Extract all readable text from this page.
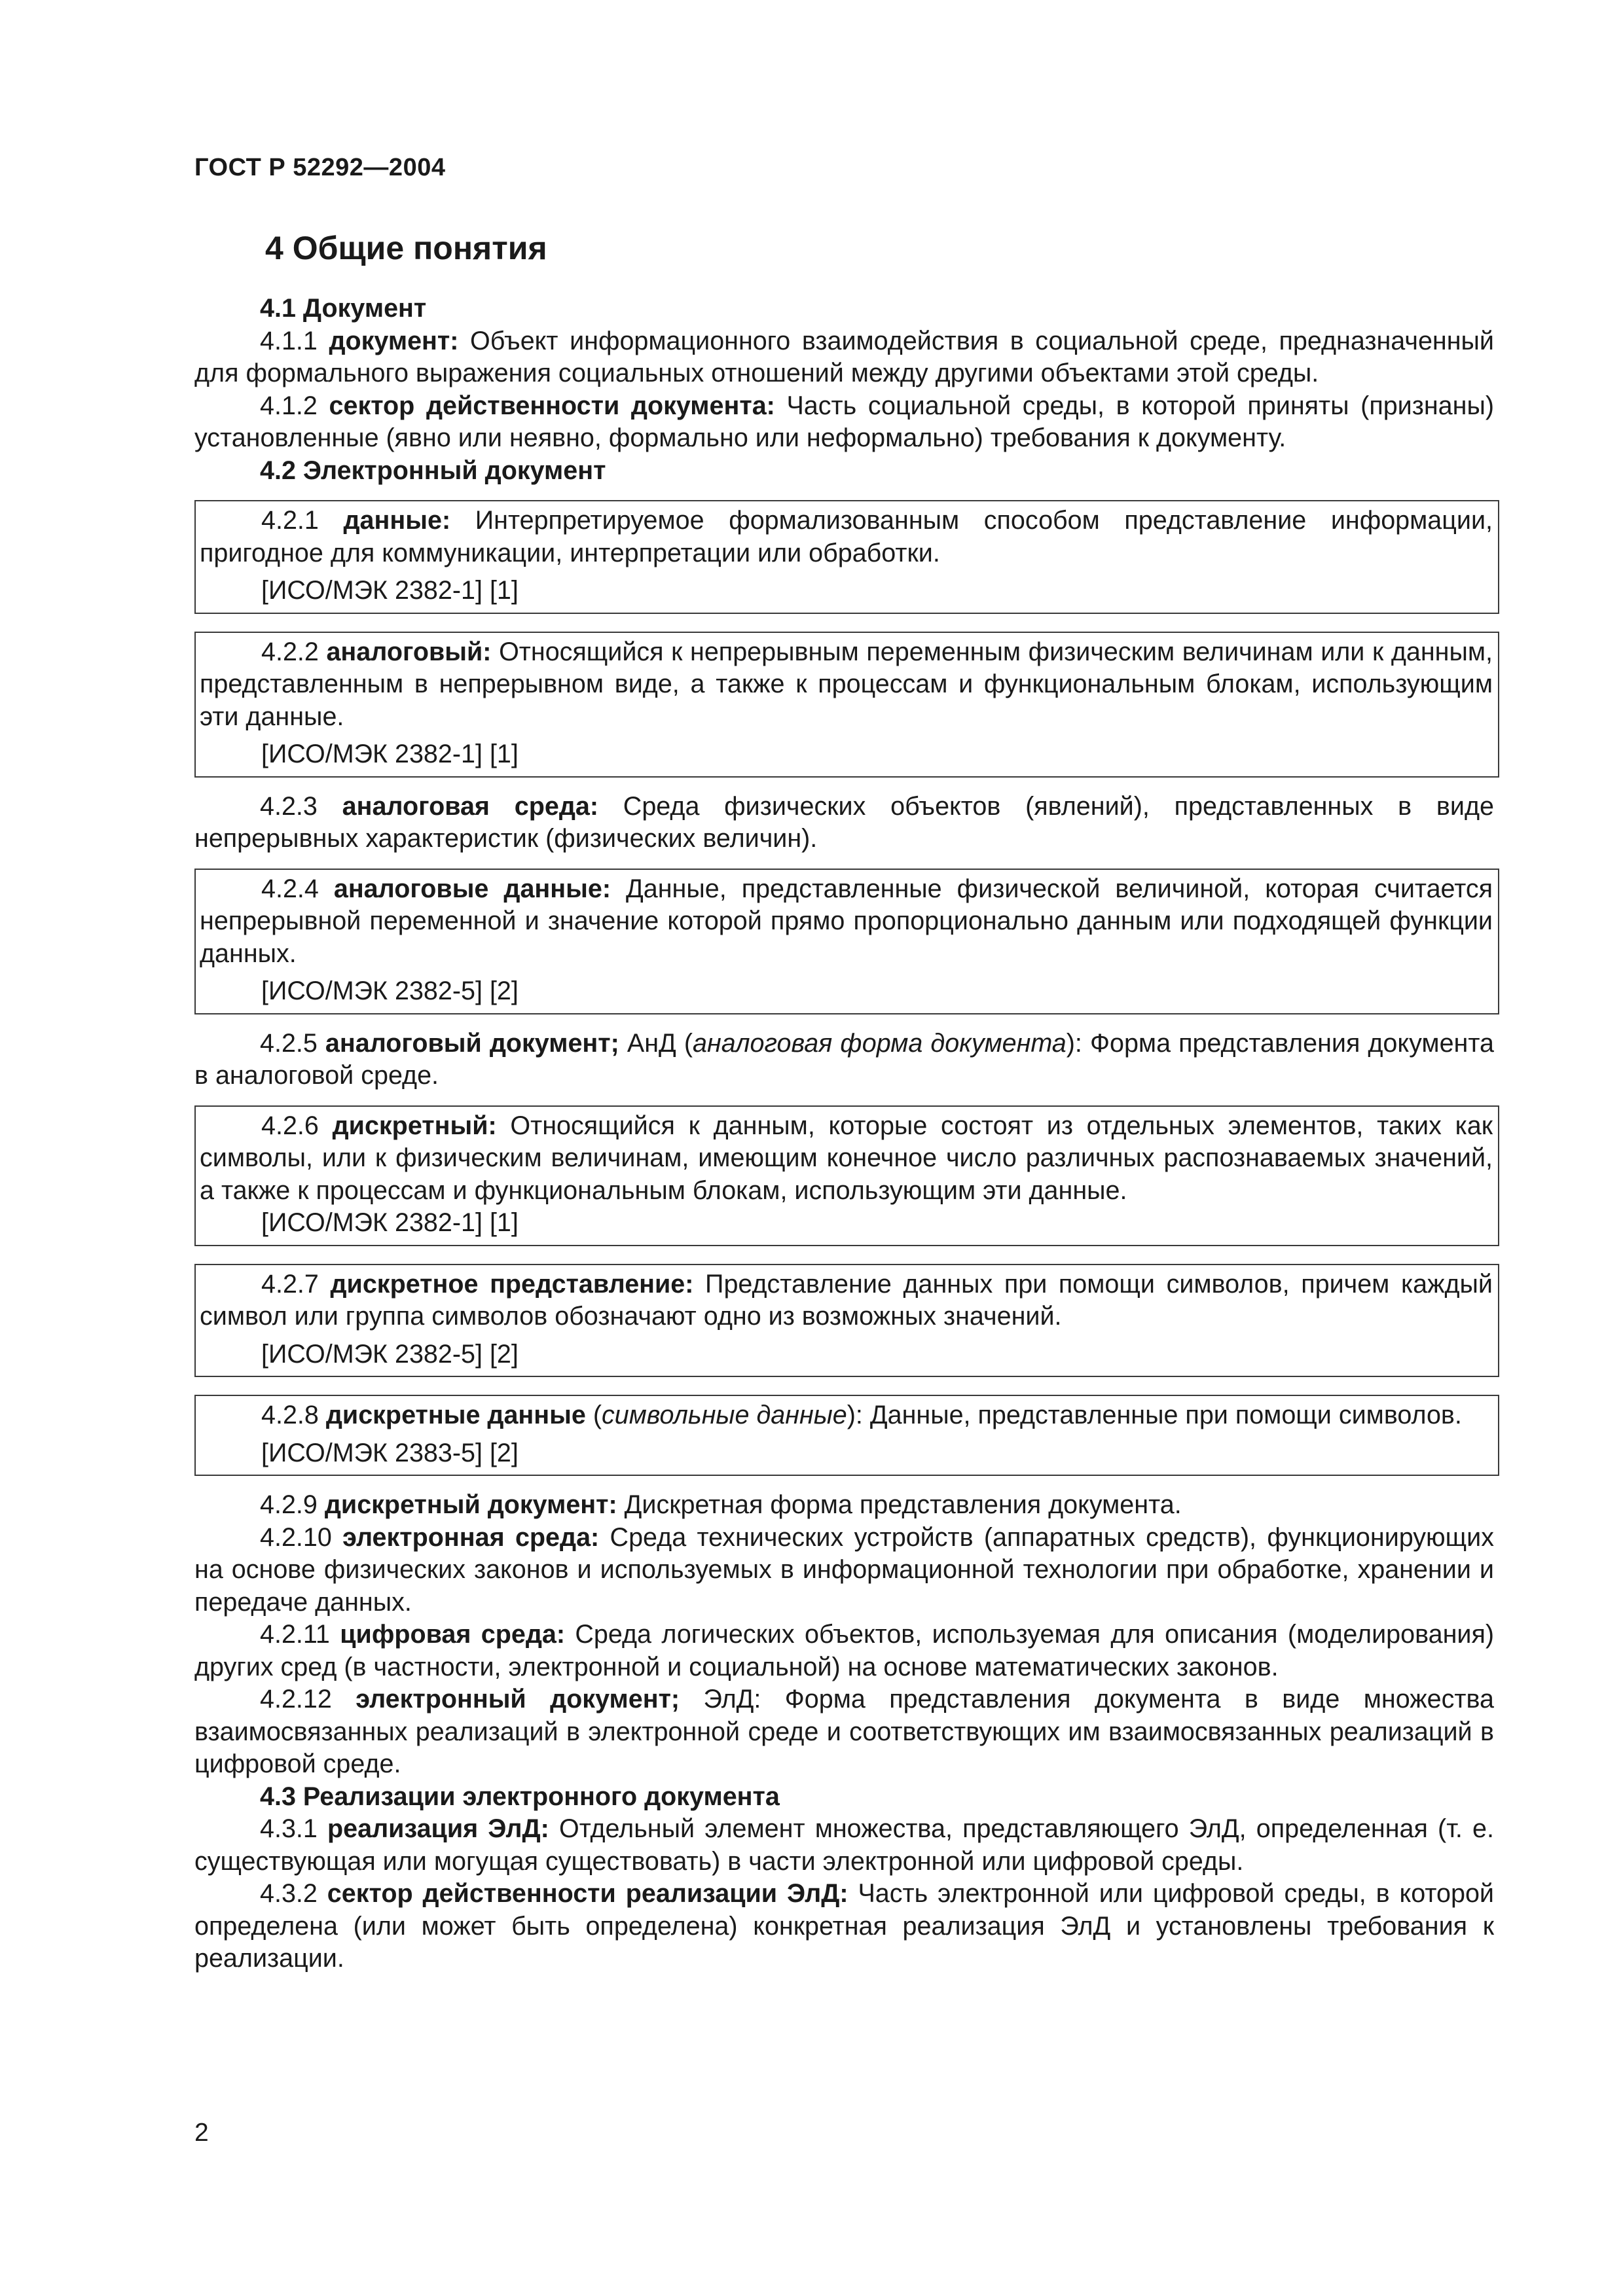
ГОСТ Р 52292—2004
4 Общие понятия

4.1 Документ

4.1.1 документ: Объект информационного взаимодействия в социальной среде, предназначенный для формального выражения социальных отношений между другими объектами этой среды.

4.1.2 сектор действенности документа: Часть социальной среды, в которой приняты (признаны) установленные (явно или неявно, формально или неформально) требования к документу.

4.2 Электронный документ

4.2.1 данные: Интерпретируемое формализованным способом представление информации, пригодное для коммуникации, интерпретации или обработки.

[ИСО/МЭК 2382-1] [1]

4.2.2 аналоговый: Относящийся к непрерывным переменным физическим величинам или к данным, представленным в непрерывном виде, а также к процессам и функциональным блокам, использующим эти данные.

[ИСО/МЭК 2382-1] [1]

4.2.3 аналоговая среда: Среда физических объектов (явлений), представленных в виде непрерывных характеристик (физических величин).

4.2.4 аналоговые данные: Данные, представленные физической величиной, которая считается непрерывной переменной и значение которой прямо пропорционально данным или подходящей функции данных.

[ИСО/МЭК 2382-5] [2]

4.2.5 аналоговый документ; АнД (аналоговая форма документа): Форма представления документа в аналоговой среде.

4.2.6 дискретный: Относящийся к данным, которые состоят из отдельных элементов, таких как символы, или к физическим величинам, имеющим конечное число различных распознаваемых значений, а также к процессам и функциональным блокам, использующим эти данные.

[ИСО/МЭК 2382-1] [1]

4.2.7 дискретное представление: Представление данных при помощи символов, причем каждый символ или группа символов обозначают одно из возможных значений.

[ИСО/МЭК 2382-5] [2]

4.2.8 дискретные данные (символьные данные): Данные, представленные при помощи символов.

[ИСО/МЭК 2383-5] [2]

4.2.9 дискретный документ: Дискретная форма представления документа.

4.2.10 электронная среда: Среда технических устройств (аппаратных средств), функционирующих на основе физических законов и используемых в информационной технологии при обработке, хранении и передаче данных.

4.2.11 цифровая среда: Среда логических объектов, используемая для описания (моделирования) других сред (в частности, электронной и социальной) на основе математических законов.

4.2.12 электронный документ; ЭлД: Форма представления документа в виде множества взаимосвязанных реализаций в электронной среде и соответствующих им взаимосвязанных реализаций в цифровой среде.

4.3 Реализации электронного документа

4.3.1 реализация ЭлД: Отдельный элемент множества, представляющего ЭлД, определенная (т. е. существующая или могущая существовать) в части электронной или цифровой среды.

4.3.2 сектор действенности реализации ЭлД: Часть электронной или цифровой среды, в которой определена (или может быть определена) конкретная реализация ЭлД и установлены требования к реализации.

2
